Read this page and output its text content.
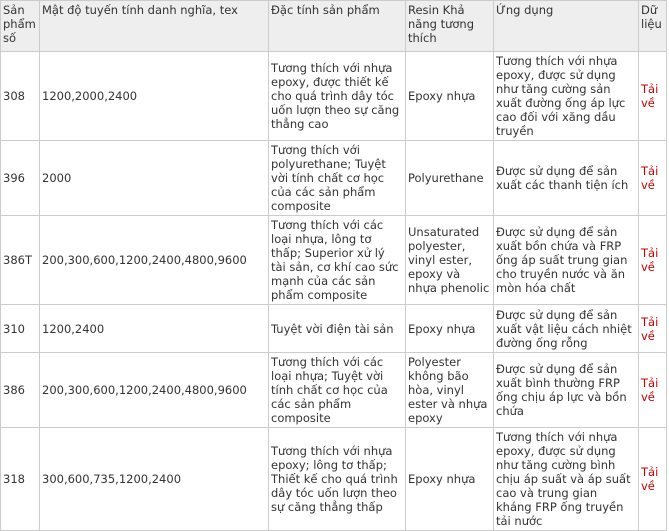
Sản phẩm số	Mật độ tuyến tính danh nghĩa, tex	Đặc tính sản phẩm	Resin Khả năng tương thích	Ứng dụng	Dữ liệu
308	1200,2000,2400	Tương thích với nhựa epoxy, được thiết kế cho quá trình dây tóc uốn lượn theo sự căng thẳng cao	Epoxy nhựa	Tương thích với nhựa epoxy, được sử dụng như tăng cường sản xuất đường ống áp lực cao đối với xăng dầu truyền	Tải về
396	2000	Tương thích với polyurethane; Tuyệt vời tính chất cơ học của các sản phẩm composite	Polyurethane	Được sử dụng để sản xuất các thanh tiện ích	Tải về
386T	200,300,600,1200,2400,4800,9600	Tương thích với các loại nhựa, lông tơ thấp; Superior xử lý tài sản, cơ khí cao sức mạnh của các sản phẩm composite	Unsaturated polyester, vinyl ester, epoxy và nhựa phenolic	Được sử dụng để sản xuất bồn chứa và FRP ống áp suất trung gian cho truyền nước và ăn mòn hóa chất	Tải về
310	1200,2400	Tuyệt vời điện tài sản	Epoxy nhựa	Được sử dụng để sản xuất vật liệu cách nhiệt đường ống rỗng	Tải về
386	200,300,600,1200,2400,4800,9600	Tương thích với các loại nhựa; Tuyệt vời tính chất cơ học của các sản phẩm composite	Polyester không bão hòa, vinyl ester và nhựa epoxy	Được sử dụng để sản xuất bình thường FRP ống chịu áp lực và bồn chứa	Tải về
318	300,600,735,1200,2400	Tương thích với nhựa epoxy; lông tơ thấp; Thiết kế cho quá trình dây tóc uốn lượn theo sự căng thẳng thấp	Epoxy nhựa	Tương thích với nhựa epoxy, được sử dụng như tăng cường bình chịu áp suất và áp suất cao và trung gian kháng FRP ống truyền tải nước	Tải về
